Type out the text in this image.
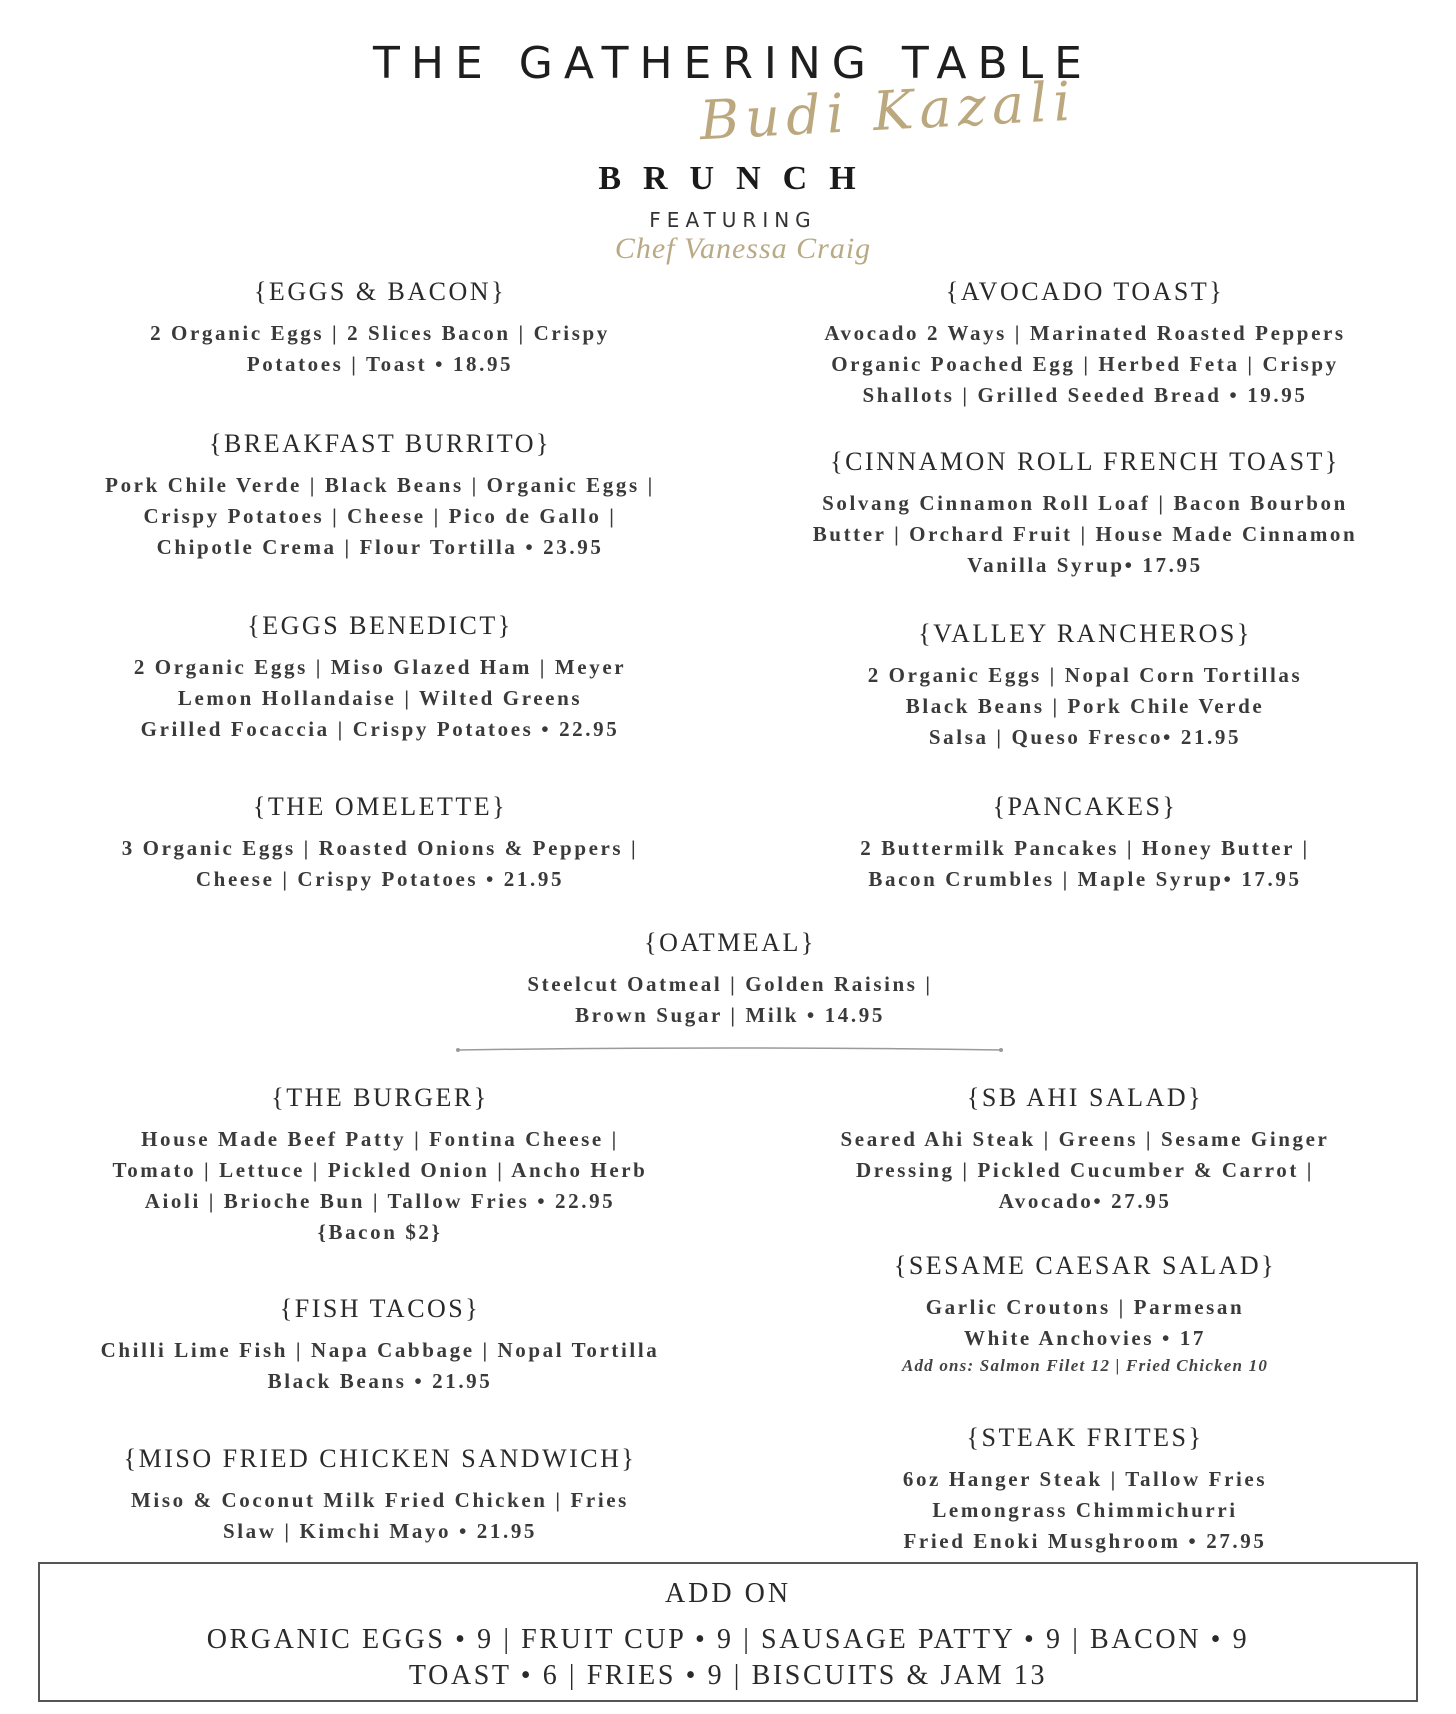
THE GATHERING TABLE
Budi Kazali
BRUNCH
FEATURING
Chef Vanessa Craig
{EGGS & BACON}
2 Organic Eggs | 2 Slices Bacon | Crispy
Potatoes | Toast • 18.95
{BREAKFAST BURRITO}
Pork Chile Verde | Black Beans | Organic Eggs |
Crispy Potatoes | Cheese | Pico de Gallo |
Chipotle Crema | Flour Tortilla • 23.95
{EGGS BENEDICT}
2 Organic Eggs | Miso Glazed Ham | Meyer
Lemon Hollandaise | Wilted Greens
Grilled Focaccia | Crispy Potatoes • 22.95
{THE OMELETTE}
3 Organic Eggs | Roasted Onions & Peppers |
Cheese | Crispy Potatoes • 21.95
{AVOCADO TOAST}
Avocado 2 Ways | Marinated Roasted Peppers
Organic Poached Egg | Herbed Feta | Crispy
Shallots | Grilled Seeded Bread • 19.95
{CINNAMON ROLL FRENCH TOAST}
Solvang Cinnamon Roll Loaf | Bacon Bourbon
Butter | Orchard Fruit | House Made Cinnamon
Vanilla Syrup• 17.95
{VALLEY RANCHEROS}
2 Organic Eggs | Nopal Corn Tortillas
Black Beans | Pork Chile Verde
Salsa | Queso Fresco• 21.95
{PANCAKES}
2 Buttermilk Pancakes | Honey Butter |
Bacon Crumbles | Maple Syrup• 17.95
{OATMEAL}
Steelcut Oatmeal | Golden Raisins |
Brown Sugar | Milk • 14.95
{THE BURGER}
House Made Beef Patty | Fontina Cheese |
Tomato | Lettuce | Pickled Onion | Ancho Herb
Aioli | Brioche Bun | Tallow Fries • 22.95
{Bacon $2}
{FISH TACOS}
Chilli Lime Fish | Napa Cabbage | Nopal Tortilla
Black Beans • 21.95
{MISO FRIED CHICKEN SANDWICH}
Miso & Coconut Milk Fried Chicken | Fries
Slaw | Kimchi Mayo • 21.95
{SB AHI SALAD}
Seared Ahi Steak | Greens | Sesame Ginger
Dressing | Pickled Cucumber & Carrot |
Avocado• 27.95
{SESAME CAESAR SALAD}
Garlic Croutons | Parmesan
White Anchovies • 17
Add ons: Salmon Filet 12 | Fried Chicken 10
{STEAK FRITES}
6oz Hanger Steak | Tallow Fries
Lemongrass Chimmichurri
Fried Enoki Musghroom • 27.95
ADD ON
ORGANIC EGGS • 9 | FRUIT CUP • 9 | SAUSAGE PATTY • 9 | BACON • 9
TOAST • 6 | FRIES • 9 | BISCUITS & JAM 13
